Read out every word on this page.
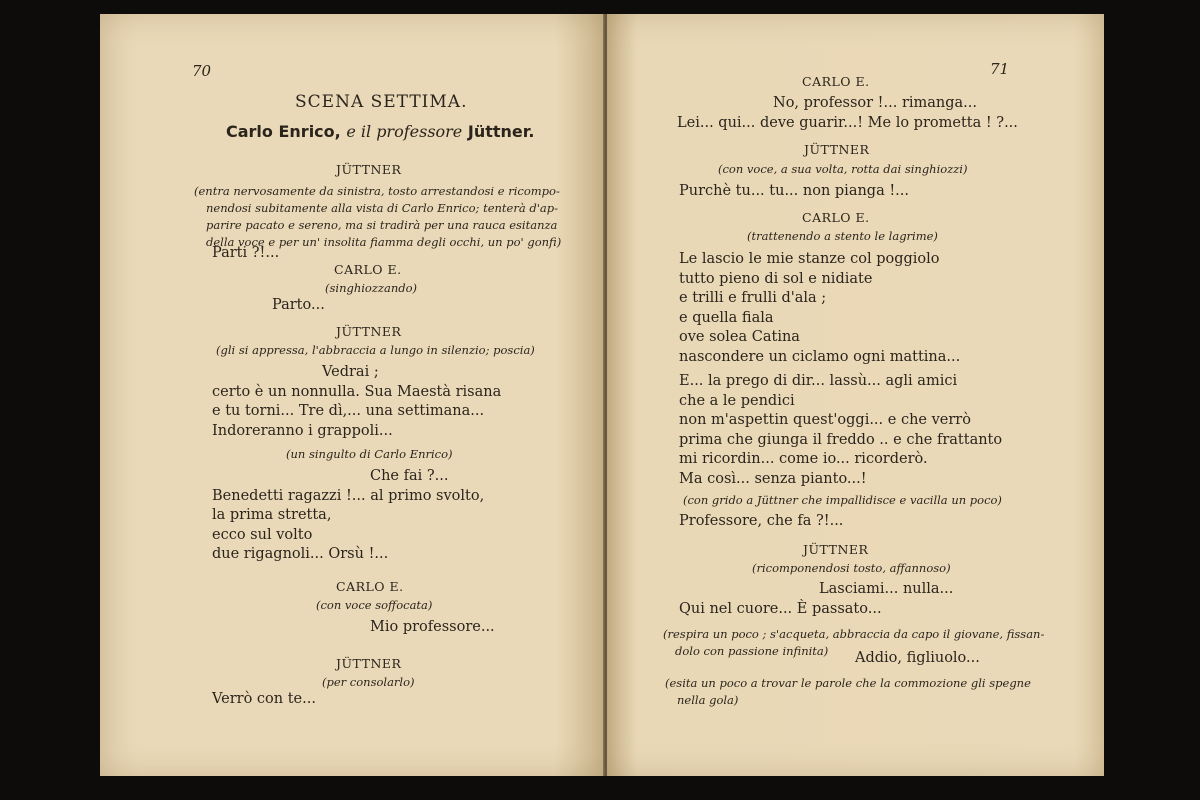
70
SCENA SETTIMA.
Carlo Enrico, e il professore Jüttner.
JÜTTNER
(entra nervosamente da sinistra, tosto arrestandosi e ricompo-
nendosi subitamente alla vista di Carlo Enrico; tenterà d'ap-
parire pacato e sereno, ma si tradirà per una rauca esitanza
della voce e per un' insolita fiamma degli occhi, un po' gonfi)
Parti ?!...
CARLO E.
(singhiozzando)
Parto...
JÜTTNER
(gli si appressa, l'abbraccia a lungo in silenzio; poscia)
Vedrai ;
certo è un nonnulla. Sua Maestà risana
e tu torni... Tre dì,... una settimana...
Indoreranno i grappoli...
(un singulto di Carlo Enrico)
Che fai ?...
Benedetti ragazzi !... al primo svolto,
la prima stretta,
ecco sul volto
due rigagnoli... Orsù !...
CARLO E.
(con voce soffocata)
Mio professore...
JÜTTNER
(per consolarlo)
Verrò con te...
71
CARLO E.
No, professor !... rimanga...
Lei... qui... deve guarir...! Me lo prometta ! ?...
JÜTTNER
(con voce, a sua volta, rotta dai singhiozzi)
Purchè tu... tu... non pianga !...
CARLO E.
(trattenendo a stento le lagrime)
Le lascio le mie stanze col poggiolo
tutto pieno di sol e nidiate
e trilli e frulli d'ala ;
e quella fiala
ove solea Catina
nascondere un ciclamo ogni mattina...
E... la prego di dir... lassù... agli amici
che a le pendici
non m'aspettin quest'oggi... e che verrò
prima che giunga il freddo .. e che frattanto
mi ricordin... come io... ricorderò.
Ma così... senza pianto...!
(con grido a Jüttner che impallidisce e vacilla un poco)
Professore, che fa ?!...
JÜTTNER
(ricomponendosi tosto, affannoso)
Lasciami... nulla...
Qui nel cuore... È passato...
(respira un poco ; s'acqueta, abbraccia da capo il giovane, fissan-
dolo con passione infinita)	Addio, figliuolo...
(esita un poco a trovar le parole che la commozione gli spegne
nella gola)
